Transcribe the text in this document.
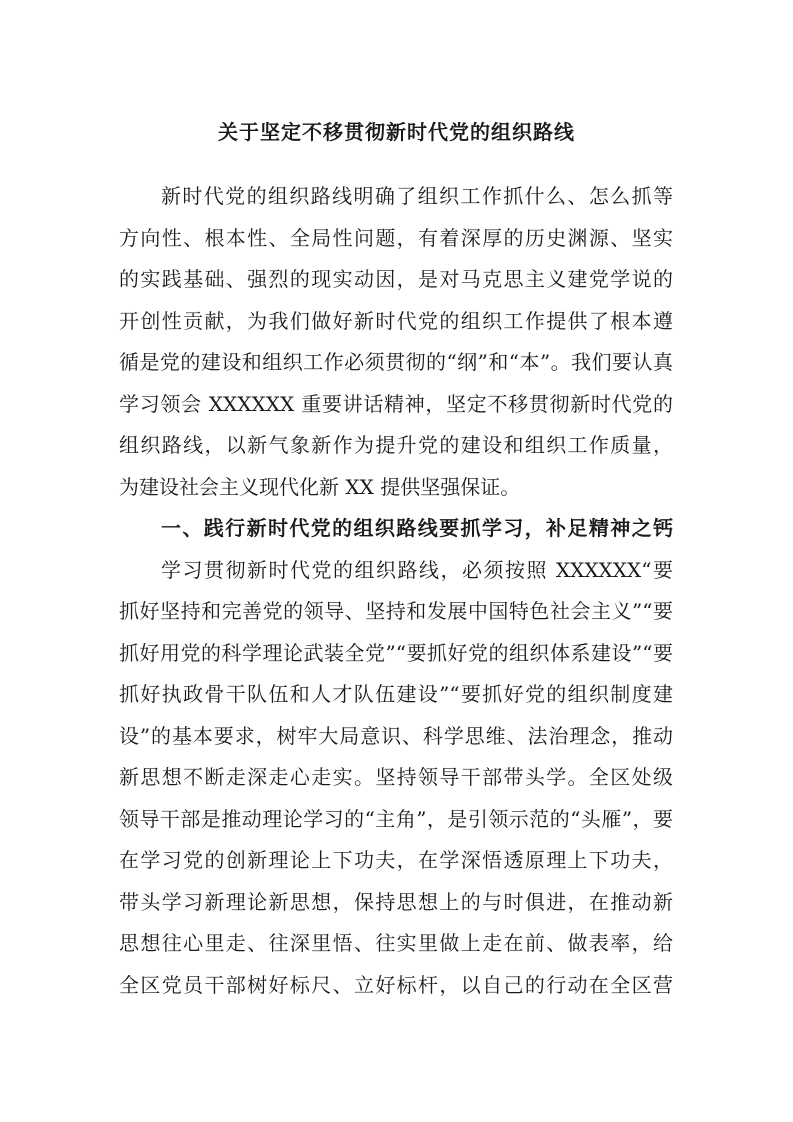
关于坚定不移贯彻新时代党的组织路线
新时代党的组织路线明确了组织工作抓什么、怎么抓等
方向性、根本性、全局性问题，有着深厚的历史渊源、坚实
的实践基础、强烈的现实动因，是对马克思主义建党学说的
开创性贡献，为我们做好新时代党的组织工作提供了根本遵
循是党的建设和组织工作必须贯彻的“纲”和“本”。我们要认真
学习领会 XXXXXX 重要讲话精神，坚定不移贯彻新时代党的
组织路线，以新气象新作为提升党的建设和组织工作质量，
为建设社会主义现代化新 XX 提供坚强保证。
一、践行新时代党的组织路线要抓学习，补足精神之钙
学习贯彻新时代党的组织路线，必须按照 XXXXXX“要
抓好坚持和完善党的领导、坚持和发展中国特色社会主义”“要
抓好用党的科学理论武装全党”“要抓好党的组织体系建设”“要
抓好执政骨干队伍和人才队伍建设”“要抓好党的组织制度建
设”的基本要求，树牢大局意识、科学思维、法治理念，推动
新思想不断走深走心走实。坚持领导干部带头学。全区处级
领导干部是推动理论学习的“主角”，是引领示范的“头雁”，要
在学习党的创新理论上下功夫，在学深悟透原理上下功夫，
带头学习新理论新思想，保持思想上的与时俱进，在推动新
思想往心里走、往深里悟、往实里做上走在前、做表率，给
全区党员干部树好标尺、立好标杆，以自己的行动在全区营
